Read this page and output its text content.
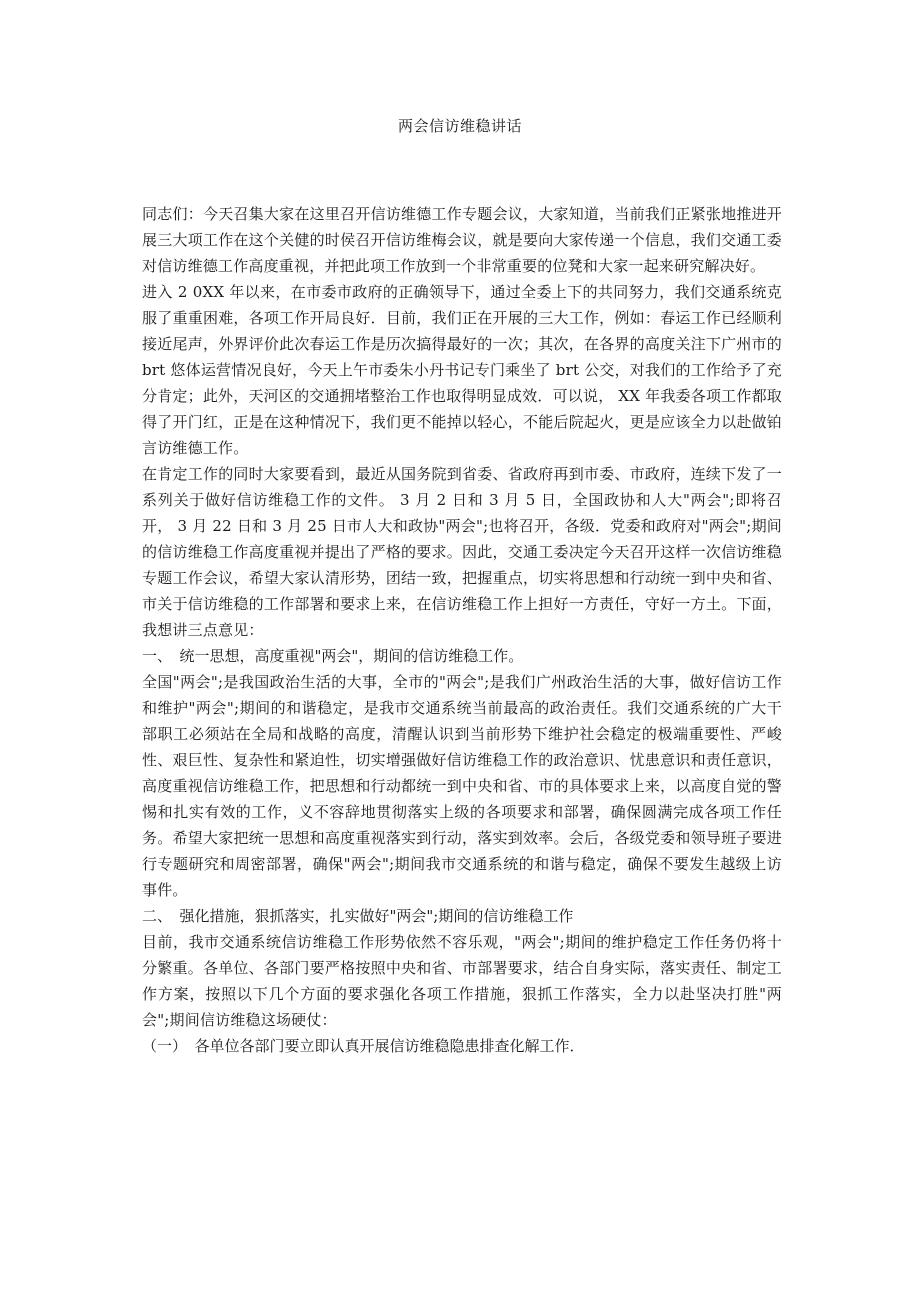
两会信访维稳讲话

同志们：今天召集大家在这里召开信访维德工作专题会议，大家知道，当前我们正紧张地推进开展三大项工作在这个关健的时侯召开信访维梅会议，就是要向大家传递一个信息，我们交通工委对信访维德工作高度重视，并把此项工作放到一个非常重要的位凳和大家一起来研究解决好。

进入 2 0XX 年以来，在市委市政府的正确领导下，通过全委上下的共同努力，我们交通系统克服了重重困难，各项工作开局良好．目前，我们正在开展的三大工作，例如：春运工作已经顺利接近尾声，外界评价此次春运工作是历次搞得最好的一次；其次，在各界的高度关注下广州市的 brt 悠体运营情况良好，今天上午市委朱小丹书记专门乘坐了 brt 公交，对我们的工作给予了充分肯定；此外，天河区的交通拥堵整治工作也取得明显成效．可以说， XX 年我委各项工作都取得了开门红，正是在这种情况下，我们更不能掉以轻心，不能后院起火，更是应该全力以赴做铂言访维德工作。

在肯定工作的同时大家要看到，最近从国务院到省委、省政府再到市委、市政府，连续下发了一系列关于做好信访维稳工作的文件。 3 月 2 日和 3 月 5 日，全国政协和人大"两会";即将召开， 3 月 22 日和 3 月 25 日市人大和政协"两会";也将召开，各级．党委和政府对"两会";期间的信访维稳工作高度重视并提出了严格的要求。因此，交通工委决定今天召开这样一次信访维稳专题工作会议，希望大家认清形势，团结一致，把握重点，切实将思想和行动统一到中央和省、市关于信访维稳的工作部署和要求上来，在信访维稳工作上担好一方责任，守好一方土。下面，我想讲三点意见：

一、　统一思想，高度重视"两会"，期间的信访维稳工作。

全国"两会";是我国政治生活的大事，全市的"两会";是我们广州政治生活的大事，做好信访工作和维护"两会";期间的和谐稳定，是我市交通系统当前最高的政治责任。我们交通系统的广大干部职工必须站在全局和战略的高度，清醒认识到当前形势下维护社会稳定的极端重要性、严峻性、艰巨性、复杂性和紧迫性，切实增强做好信访维稳工作的政治意识、忧患意识和责任意识，高度重视信访维稳工作，把思想和行动都统一到中央和省、市的具体要求上来，以高度自觉的警惕和扎实有效的工作，义不容辞地贯彻落实上级的各项要求和部署，确保圆满完成各项工作任务。希望大家把统一思想和高度重视落实到行动，落实到效率。会后，各级党委和领导班子要进行专题研究和周密部署，确保"两会";期间我市交通系统的和谐与稳定，确保不要发生越级上访事件。

二、　强化措施，狠抓落实，扎实做好"两会";期间的信访维稳工作

目前，我市交通系统信访维稳工作形势依然不容乐观，"两会";期间的维护稳定工作任务仍将十分繁重。各单位、各部门要严格按照中央和省、市部署要求，结合自身实际，落实责任、制定工作方案，按照以下几个方面的要求强化各项工作措施，狠抓工作落实，全力以赴坚决打胜"两会";期间信访维稳这场硬仗：

（一）　各单位各部门要立即认真开展信访维稳隐患排查化解工作．
